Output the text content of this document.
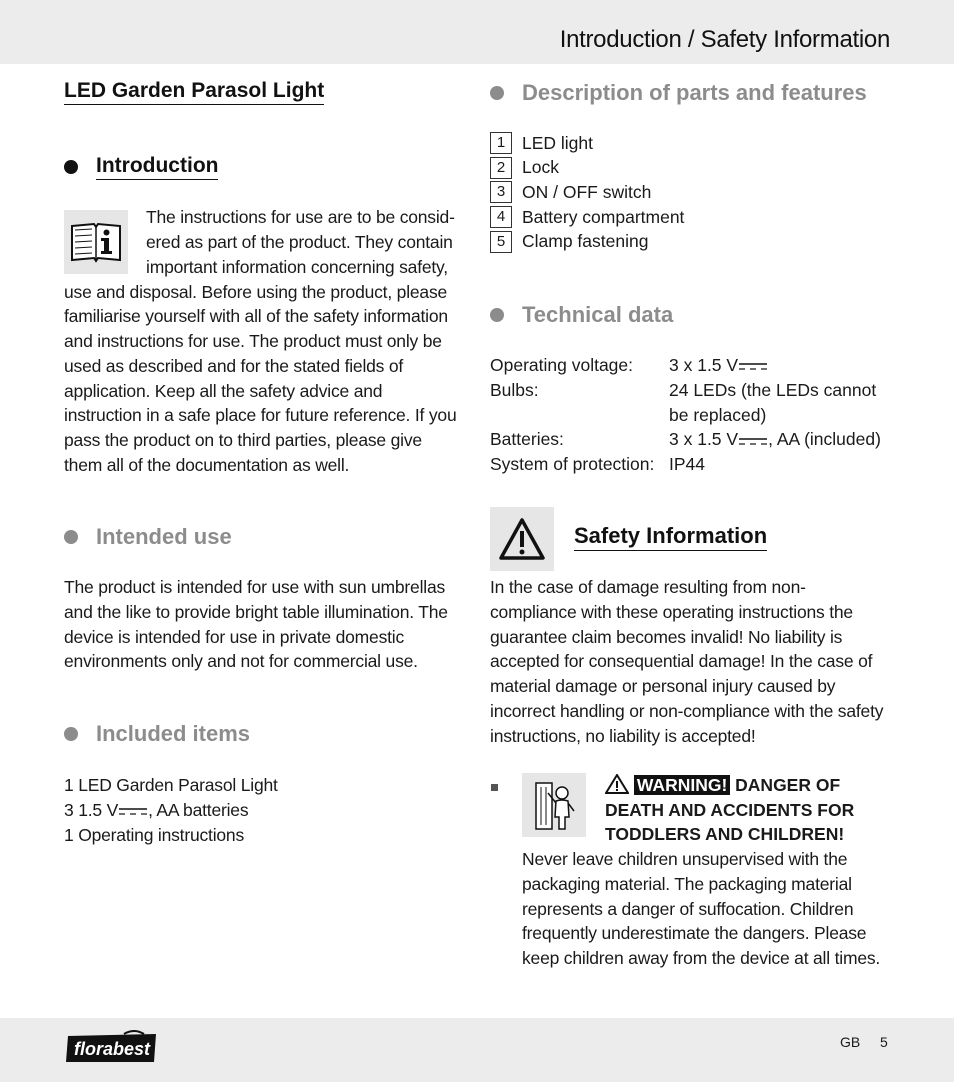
Introduction / Safety Information
LED Garden Parasol Light
Introduction

The instructions for use are to be consid-

ered as part of the product. They contain

important information concerning safety,

use and disposal. Before using the product, please familiarise yourself with all of the safety information and instructions for use. The product must only be used as described and for the stated fields of application. Keep all the safety advice and instruction in a safe place for future reference. If you pass the product on to third parties, please give them all of the documentation as well.

Intended use

The product is intended for use with sun umbrellas and the like to provide bright table illumination. The device is intended for use in private domestic environments only and not for commercial use.

Included items

1 LED Garden Parasol Light

3 1.5 V , AA batteries

1 Operating instructions

Description of parts and features
1 LED light
2 Lock
3 ON / OFF switch
4 Battery compartment
5 Clamp fastening
Technical data
Operating voltage:	3 x 1.5 V
Bulbs:	24 LEDs (the LEDs cannot be replaced)
Batteries:	3 x 1.5 V , AA (included)
System of protection: IP44
Safety Information

In the case of damage resulting from non-compliance with these operating instructions the guarantee claim becomes invalid! No liability is accepted for consequential damage! In the case of material damage or personal injury caused by incorrect handling or non-compliance with the safety instructions, no liability is accepted!

WARNING! DANGER OF
DEATH AND ACCIDENTS FOR
TODDLERS AND CHILDREN!

Never leave children unsupervised with the packaging material. The packaging material represents a danger of suffocation. Children frequently underestimate the dangers. Please keep children away from the device at all times.

florabest	GB 5
